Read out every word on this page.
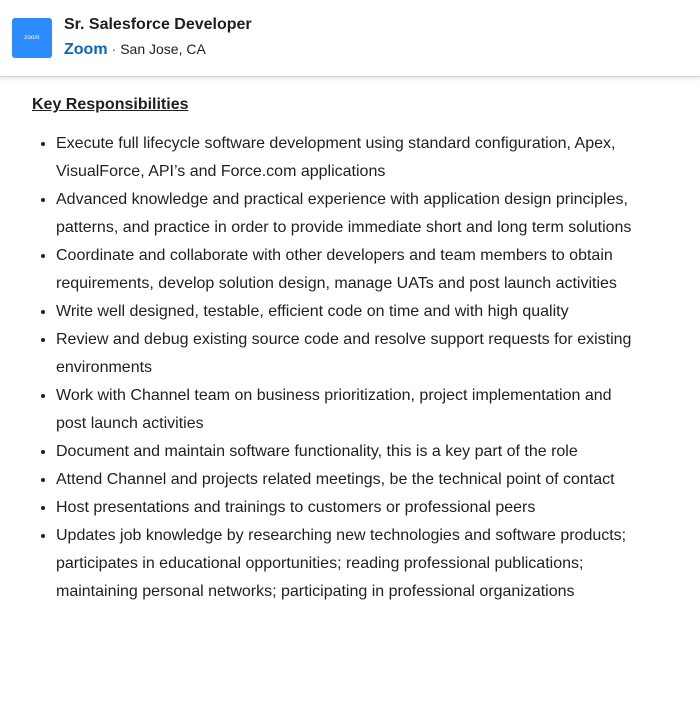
zoom
Sr. Salesforce Developer
Zoom · San Jose, CA
Key Responsibilities
• Execute full lifecycle software development using standard configuration, Apex, VisualForce, API’s and Force.com applications
• Advanced knowledge and practical experience with application design principles, patterns, and practice in order to provide immediate short and long term solutions
• Coordinate and collaborate with other developers and team members to obtain requirements, develop solution design, manage UATs and post launch activities
• Write well designed, testable, efficient code on time and with high quality
• Review and debug existing source code and resolve support requests for existing environments
• Work with Channel team on business prioritization, project implementation and post launch activities
• Document and maintain software functionality, this is a key part of the role
• Attend Channel and projects related meetings, be the technical point of contact
• Host presentations and trainings to customers or professional peers
• Updates job knowledge by researching new technologies and software products; participates in educational opportunities; reading professional publications; maintaining personal networks; participating in professional organizations
